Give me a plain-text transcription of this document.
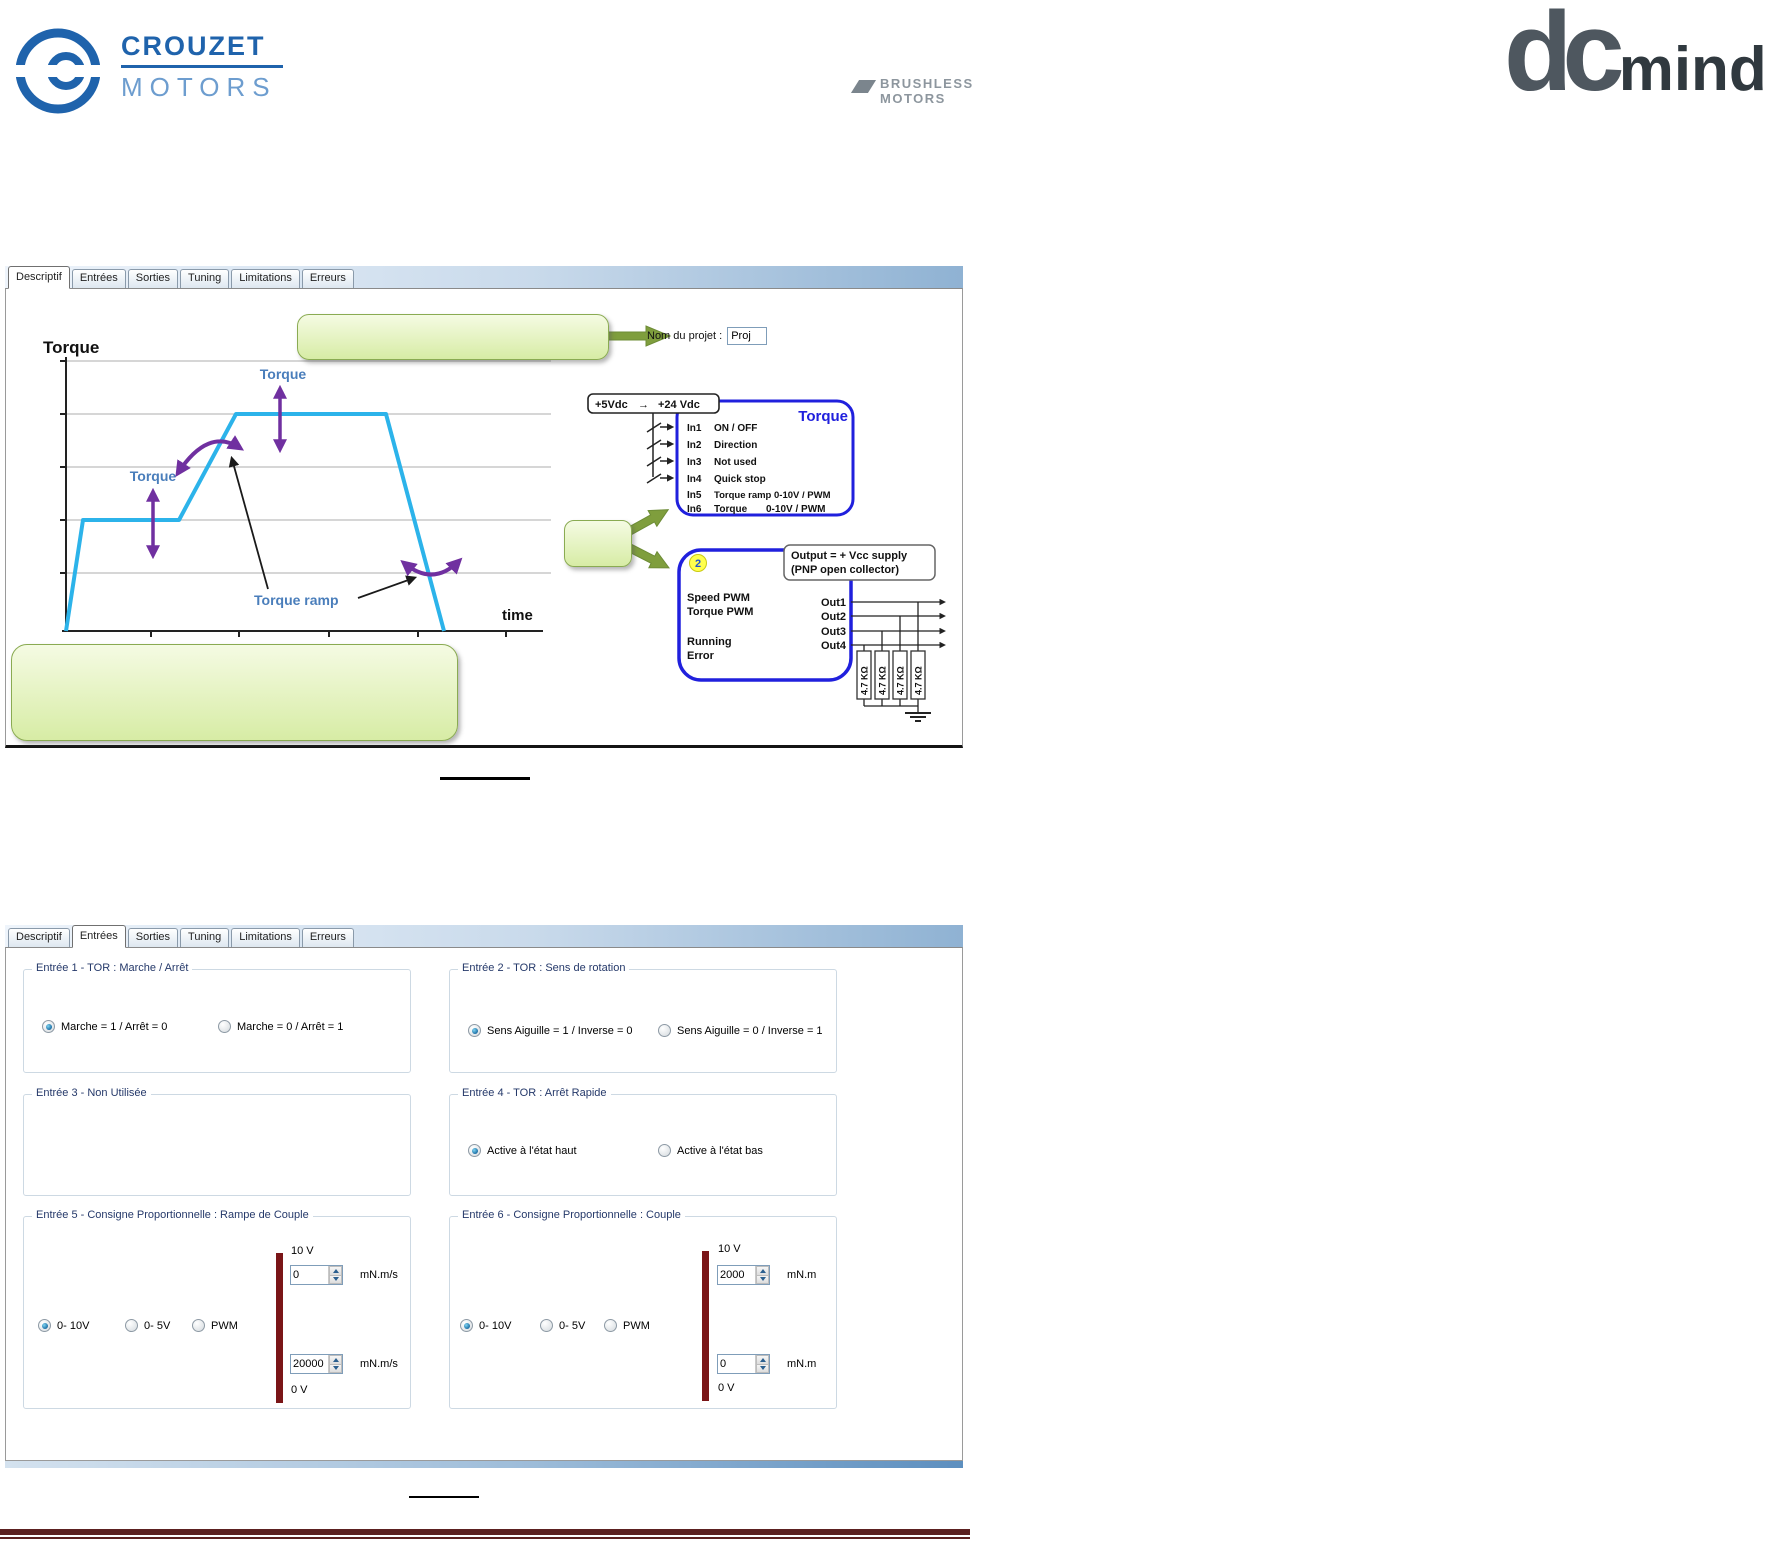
CROUZET
MOTORS	dcmind
BRUSHLESS
MOTORS
Descriptif	Entrées	Sorties	Tuning	Limitations	Erreurs
Torque
time
Torque
Torque
Torque ramp
Torque
In1 ON / OFF
In2 Direction
In3 Not used
In4 Quick stop
In5 Torque ramp 0-10V / PWM
In6 Torque 0-10V / PWM
+5Vdc → +24 Vdc
2
Speed PWM
Torque PWM
Running
Error
Out1
Out2
Out3
Out4
Output = + Vcc supply
(PNP open collector)
4.7 KΩ 4.7 KΩ 4.7 KΩ 4.7 KΩ
Nom du projet :
Proj
Descriptif	Entrées	Sorties	Tuning	Limitations	Erreurs
Entrée 1 - TOR : Marche / Arrêt
Marche = 1 / Arrêt = 0	Marche = 0 / Arrêt = 1
Entrée 2 - TOR : Sens de rotation
Sens Aiguille = 1 / Inverse = 0	Sens Aiguille = 0 / Inverse = 1
Entrée 3 - Non Utilisée	Entrée 4 - TOR : Arrêt Rapide
Active à l'état haut	Active à l'état bas
Entrée 5 - Consigne Proportionnelle : Rampe de Couple
0- 10V	0- 5V	PWM
10 V
0
mN.m/s
20000
mN.m/s
0 V
Entrée 6 - Consigne Proportionnelle : Couple
0- 10V	0- 5V	PWM
10 V
2000
mN.m
0
mN.m
0 V
